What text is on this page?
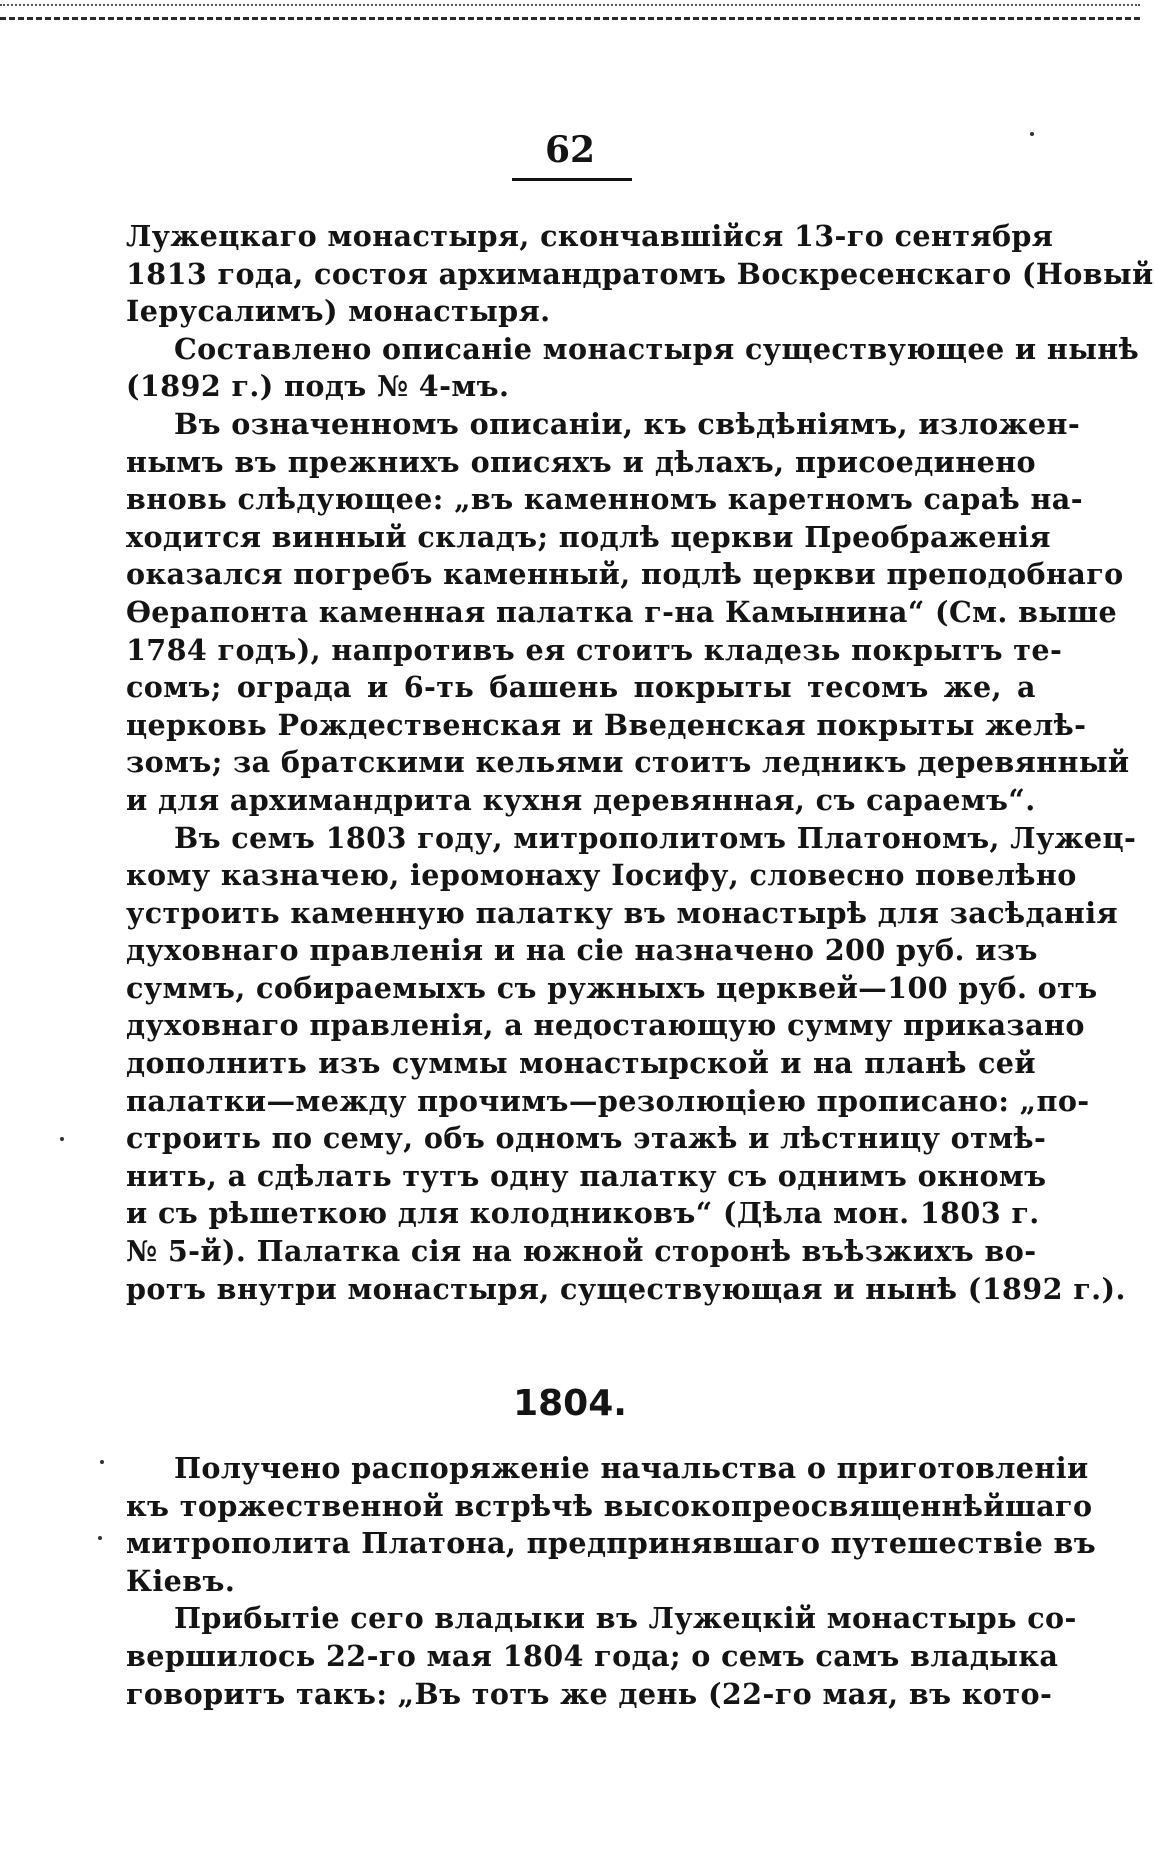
62
Лужецкаго монастыря, скончавшійся 13-го сентября
1813 года, состоя архимандратомъ Воскресенскаго (Новый
Іерусалимъ) монастыря.
Составлено описаніе монастыря существующее и нынѣ
(1892 г.) подъ № 4-мъ.
Въ означенномъ описаніи, къ свѣдѣніямъ, изложен-
нымъ въ прежнихъ описяхъ и дѣлахъ, присоединено
вновь слѣдующее: „въ каменномъ каретномъ сараѣ на-
ходится винный складъ; подлѣ церкви Преображенія
оказался погребъ каменный, подлѣ церкви преподобнаго
Ѳерапонта каменная палатка г-на Камынина“ (См. выше
1784 годъ), напротивъ ея стоитъ кладезь покрытъ те-
сомъ; ограда и 6-ть башень покрыты тесомъ же, а
церковь Рождественская и Введенская покрыты желѣ-
зомъ; за братскими кельями стоитъ ледникъ деревянный
и для архимандрита кухня деревянная, съ сараемъ“.
Въ семъ 1803 году, митрополитомъ Платономъ, Лужец-
кому казначею, іеромонаху Іосифу, словесно повелѣно
устроить каменную палатку въ монастырѣ для засѣданія
духовнаго правленія и на сіе назначено 200 руб. изъ
суммъ, собираемыхъ съ ружныхъ церквей—100 руб. отъ
духовнаго правленія, а недостающую сумму приказано
дополнить изъ суммы монастырской и на планѣ сей
палатки—между прочимъ—резолюціею прописано: „по-
строить по сему, объ одномъ этажѣ и лѣстницу отмѣ-
нить, а сдѣлать тутъ одну палатку съ однимъ окномъ
и съ рѣшеткою для колодниковъ“ (Дѣла мон. 1803 г.
№ 5-й). Палатка сія на южной сторонѣ въѣзжихъ во-
ротъ внутри монастыря, существующая и нынѣ (1892 г.).
1804.
Получено распоряженіе начальства о приготовленіи
къ торжественной встрѣчѣ высокопреосвященнѣйшаго
митрополита Платона, предпринявшаго путешествіе въ
Кіевъ.
Прибытіе сего владыки въ Лужецкій монастырь со-
вершилось 22-го мая 1804 года; о семъ самъ владыка
говоритъ такъ: „Въ тотъ же день (22-го мая, въ кото-
